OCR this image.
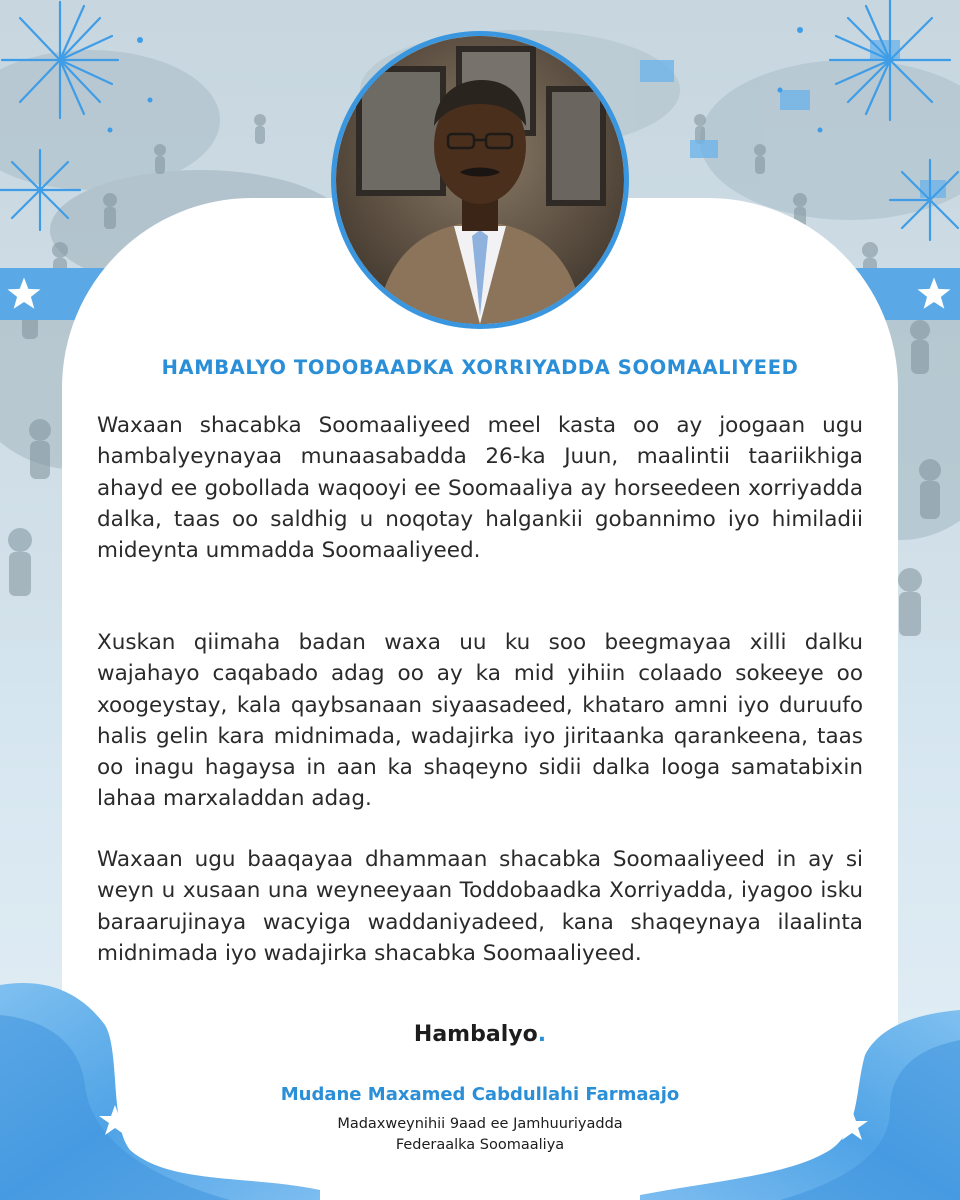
HAMBALYO TODOBAADKA XORRIYADDA SOOMAALIYEED

Waxaan shacabka Soomaaliyeed meel kasta oo ay joogaan ugu hambalyeynayaa munaasabadda 26-ka Juun, maalintii taariikhiga ahayd ee gobollada waqooyi ee Soomaaliya ay horseedeen xorriyadda dalka, taas oo saldhig u noqotay halgankii gobannimo iyo himiladii mideynta ummadda Soomaaliyeed.

Xuskan qiimaha badan waxa uu ku soo beegmayaa xilli dalku wajahayo caqabado adag oo ay ka mid yihiin colaado sokeeye oo xoogeystay, kala qaybsanaan siyaasadeed, khataro amni iyo duruufo halis gelin kara midnimada, wadajirka iyo jiritaanka qarankeena, taas oo inagu hagaysa in aan ka shaqeyno sidii dalka looga samatabixin lahaa marxaladdan adag.

Waxaan ugu baaqayaa dhammaan shacabka Soomaaliyeed in ay si weyn u xusaan una weyneeyaan Toddobaadka Xorriyadda, iyagoo isku baraarujinaya wacyiga waddaniyadeed, kana shaqeynaya ilaalinta midnimada iyo wadajirka shacabka Soomaaliyeed.

Hambalyo.
Mudane Maxamed Cabdullahi Farmaajo
Madaxweynihii 9aad ee Jamhuuriyadda
Federaalka Soomaaliya
